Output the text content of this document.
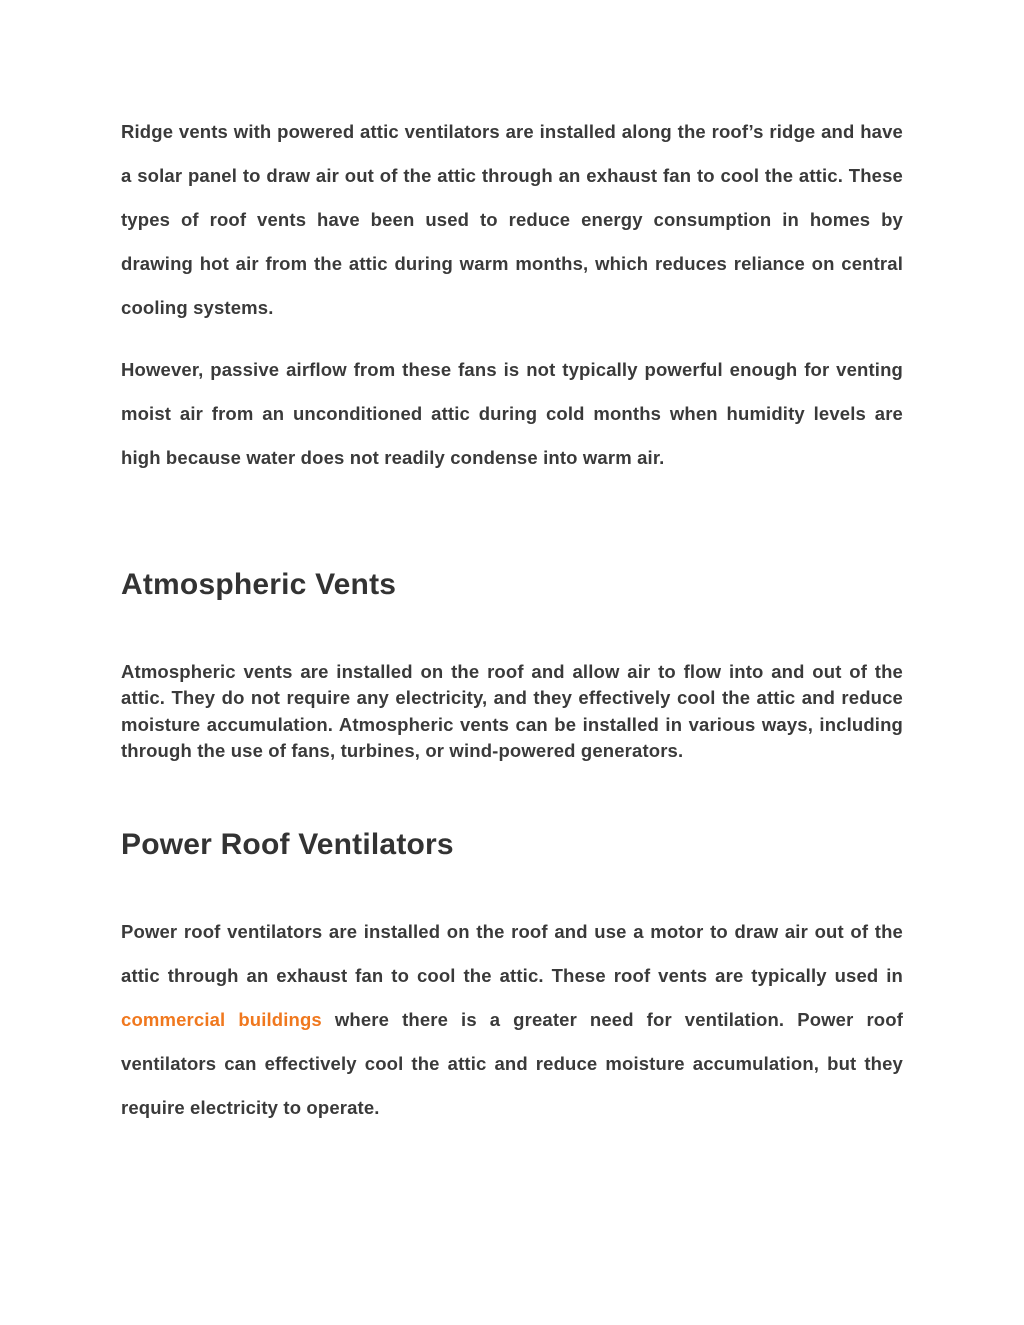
Ridge vents with powered attic ventilators are installed along the roof’s ridge and have a solar panel to draw air out of the attic through an exhaust fan to cool the attic. These types of roof vents have been used to reduce energy consumption in homes by drawing hot air from the attic during warm months, which reduces reliance on central cooling systems.

However, passive airflow from these fans is not typically powerful enough for venting moist air from an unconditioned attic during cold months when humidity levels are high because water does not readily condense into warm air.

Atmospheric Vents

Atmospheric vents are installed on the roof and allow air to flow into and out of the attic. They do not require any electricity, and they effectively cool the attic and reduce moisture accumulation. Atmospheric vents can be installed in various ways, including through the use of fans, turbines, or wind-powered generators.

Power Roof Ventilators

Power roof ventilators are installed on the roof and use a motor to draw air out of the attic through an exhaust fan to cool the attic. These roof vents are typically used in commercial buildings where there is a greater need for ventilation. Power roof ventilators can effectively cool the attic and reduce moisture accumulation, but they require electricity to operate.
